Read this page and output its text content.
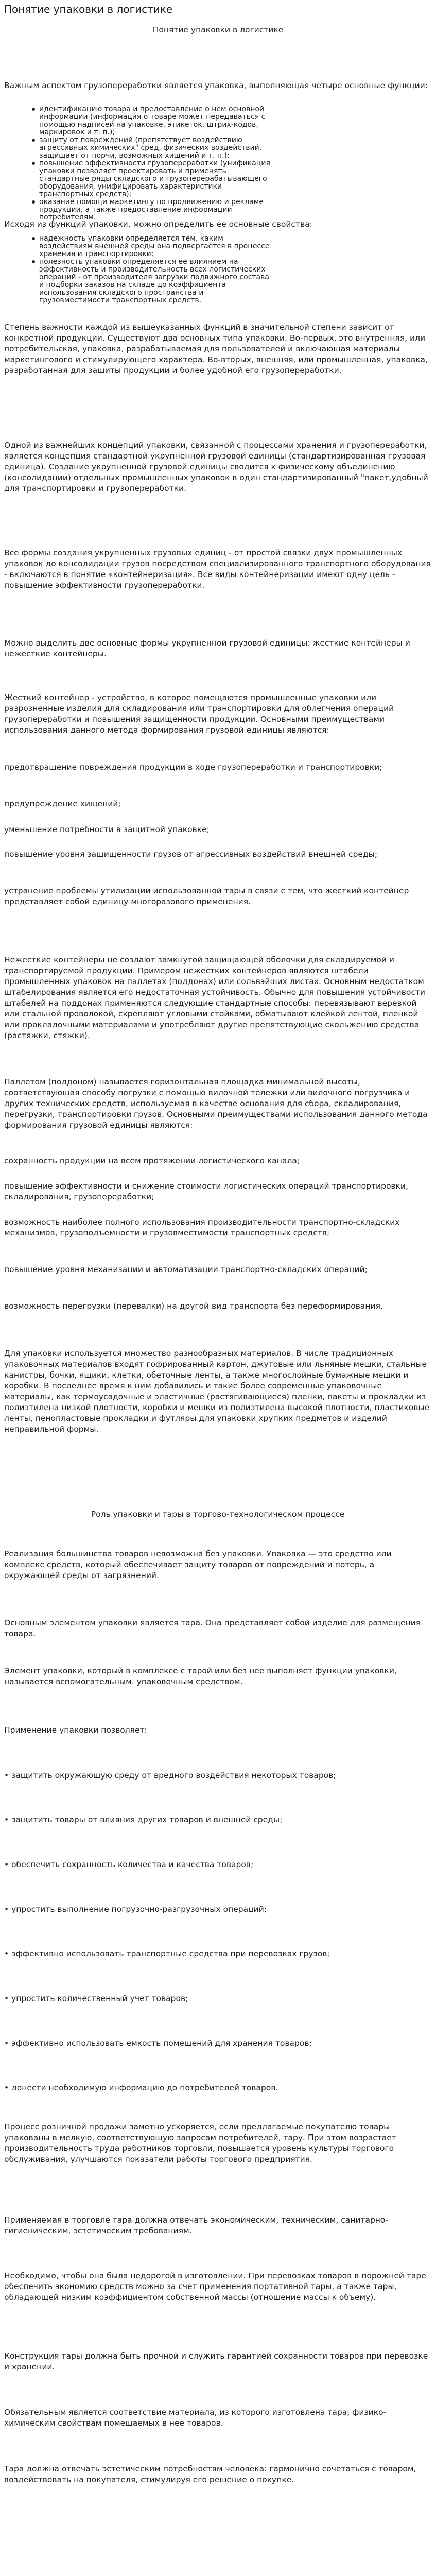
Понятие упаковки в логистике
Понятие упаковки в логистике

Важным аспектом грузопереработки является упаковка, выполняющая четыре основные функции:

идентификацию товара и предоставление о нем основной информации (информация о товаре может передаваться с помощью надписей на упаковке, этикеток, штрих-кодов, маркировок и т. п.);
защиту от повреждений (препятствует воздействию агрессивных химических" сред, физических воздействий, защищает от порчи, возможных хищений и т. п.);
повышение эффективности грузопереработки (унификация упаковки позволяет проектировать и применять стандартные ряды складского и грузоперерабатывающего оборудования, унифицировать характеристики транспортных средств);
оказание помощи маркетингу по продвижению и рекламе продукции, а также предоставление информации потребителям.

Исходя из функций упаковки, можно определить ее основные свойства:

надежность упаковки определяется тем, каким воздействиям внешней среды она подвергается в процессе хранения и транспортировки;
полезность упаковки определяется ее влиянием на эффективность и производительность всех логистических операций - от производителя загрузки подвижного состава и подборки заказов на складе до коэффициента использования складского пространства и грузовместимости транспортных средств.

Степень важности каждой из вышеуказанных функций в значительной степени зависит от конкретной продукции. Существуют два основных типа упаковки. Во-первых, это внутренняя, или потребительская, упаковка, разрабатываемая для пользователей и включающая материалы маркетингового и стимулирующего характера. Во-вторых, внешняя, или промышленная, упаковка, разработанная для защиты продукции и более удобной его грузопереработки.

Одной из важнейших концепций упаковки, связанной с процессами хранения и грузопереработки, является концепция стандартной укрупненной грузовой единицы (стандартизированная грузовая единица). Создание укрупненной грузовой единицы сводится к физическому объединению (консолидации) отдельных промышленных упаковок в один стандартизированный "пакет,удобный для транспортировки и грузопереработки.

Все формы создания укрупненных грузовых единиц - от простой связки двух промышленных упаковок до консолидации грузов посредством специализированного транспортного оборудования - включаются в понятие «контейнеризация». Все виды контейнеризации имеют одну цель - повышение эффективности грузопереработки.

Можно выделить две основные формы укрупненной грузовой единицы: жесткие контейнеры и нежесткие контейнеры.

Жесткий контейнер - устройство, в которое помещаются промышленные упаковки или разрозненные изделия для складирования или транспортировки для облегчения операций грузопереработки и повышения защищенности продукции. Основными преимуществами использования данного метода формирования грузовой единицы являются:

предотвращение повреждения продукции в ходе грузопереработки и транспортировки;

предупреждение хищений;

уменьшение потребности в защитной упаковке;

повышение уровня защищенности грузов от агрессивных воздействий внешней среды;

устранение проблемы утилизации использованной тары в связи с тем, что жесткий контейнер представляет собой единицу многоразового применения.

Нежесткие контейнеры не создают замкнутой защищающей оболочки для складируемой и транспортируемой продукции. Примером нежестких контейнеров являются штабели промышленных упаковок на паллетах (поддонах) или сольвэйших листах. Основным недостатком штабелирования является его недостаточная устойчивость. Обычно для повышения устойчивости штабелей на поддонах применяются следующие стандартные способы: перевязывают веревкой или стальной проволокой, скрепляют угловыми стойками, обматывают клейкой лентой, пленкой или прокладочными материалами и употребляют другие препятствующие скольжению средства (растяжки, стяжки).

Паллетом (поддоном) называется горизонтальная площадка минимальной высоты, соответствующая способу погрузки с помощью вилочной тележки или вилочного погрузчика и других технических средств, используемая в качестве основания для сбора, складирования, перегрузки, транспортировки грузов. Основными преимуществами использования данного метода формирования грузовой единицы являются:

сохранность продукции на всем протяжении логистического канала;

повышение эффективности и снижение стоимости логистических операций транспортировки, складирования, грузопереработки;

возможность наиболее полного использования производительности транспортно-складских механизмов, грузоподъемности и грузовместимости транспортных средств;

повышение уровня механизации и автоматизации транспортно-складских операций;

возможность перегрузки (перевалки) на другой вид транспорта без переформирования.

Для упаковки используется множество разнообразных материалов. В числе традиционных упаковочных материалов входят гофрированный картон, джутовые или льняные мешки, стальные канистры, бочки, ящики, клетки, обеточные ленты, а также многослойные бумажные мешки и коробки. В последнее время к ним добавились и такие более современные упаковочные материалы, как термоусадочные и эластичные (растягивающиеся) пленки, пакеты и прокладки из полиэтилена низкой плотности, коробки и мешки из полиэтилена высокой плотности, пластиковые ленты, пенопластовые прокладки и футляры для упаковки хрупких предметов и изделий неправильной формы.

Роль упаковки и тары в торгово-технологическом процессе

Реализация большинства товаров невозможна без упаковки. Упаковка — это средство или комплекс средств, который обеспечивает защиту товаров от повреждений и потерь, а окружающей среды от загрязнений.

Основным элементом упаковки является тара. Она представляет собой изделие для размещения товара.

Элемент упаковки, который в комплексе с тарой или без нее выполняет функции упаковки, называется вспомогательным. упаковочным средством.

Применение упаковки позволяет:

• защитить окружающую среду от вредного воздействия некоторых товаров;

• защитить товары от влияния других товаров и внешней среды;

• обеспечить сохранность количества и качества товаров;

• упростить выполнение погрузочно-разгрузочных операций;

• эффективно использовать транспортные средства при перевозках грузов;

• упростить количественный учет товаров;

• эффективно использовать емкость помещений для хранения товаров;

• донести необходимую информацию до потребителей товаров.

Процесс розничной продажи заметно ускоряется, если предлагаемые покупателю товары упакованы в мелкую, соответствующую запросам потребителей, тару. При этом возрастает производительность труда работников торговли, повышается уровень культуры торгового обслуживания, улучшаются показатели работы торгового предприятия.

Применяемая в торговле тара должна отвечать экономическим, техническим, санитарно-гигиеническим, эстетическим требованиям.

Необходимо, чтобы она была недорогой в изготовлении. При перевозках товаров в порожней таре обеспечить экономию средств можно за счет применения портативной тары, а также тары, обладающей низким коэффициентом собственной массы (отношение массы к объему).

Конструкция тары должна быть прочной и служить гарантией сохранности товаров при перевозке и хранении.

Обязательным является соответствие материала, из которого изготовлена тара, физико-химическим свойствам помещаемых в нее товаров.

Тара должна отвечать эстетическим потребностям человека: гармонично сочетаться с товаром, воздействовать на покупателя, стимулируя его решение о покупке.
